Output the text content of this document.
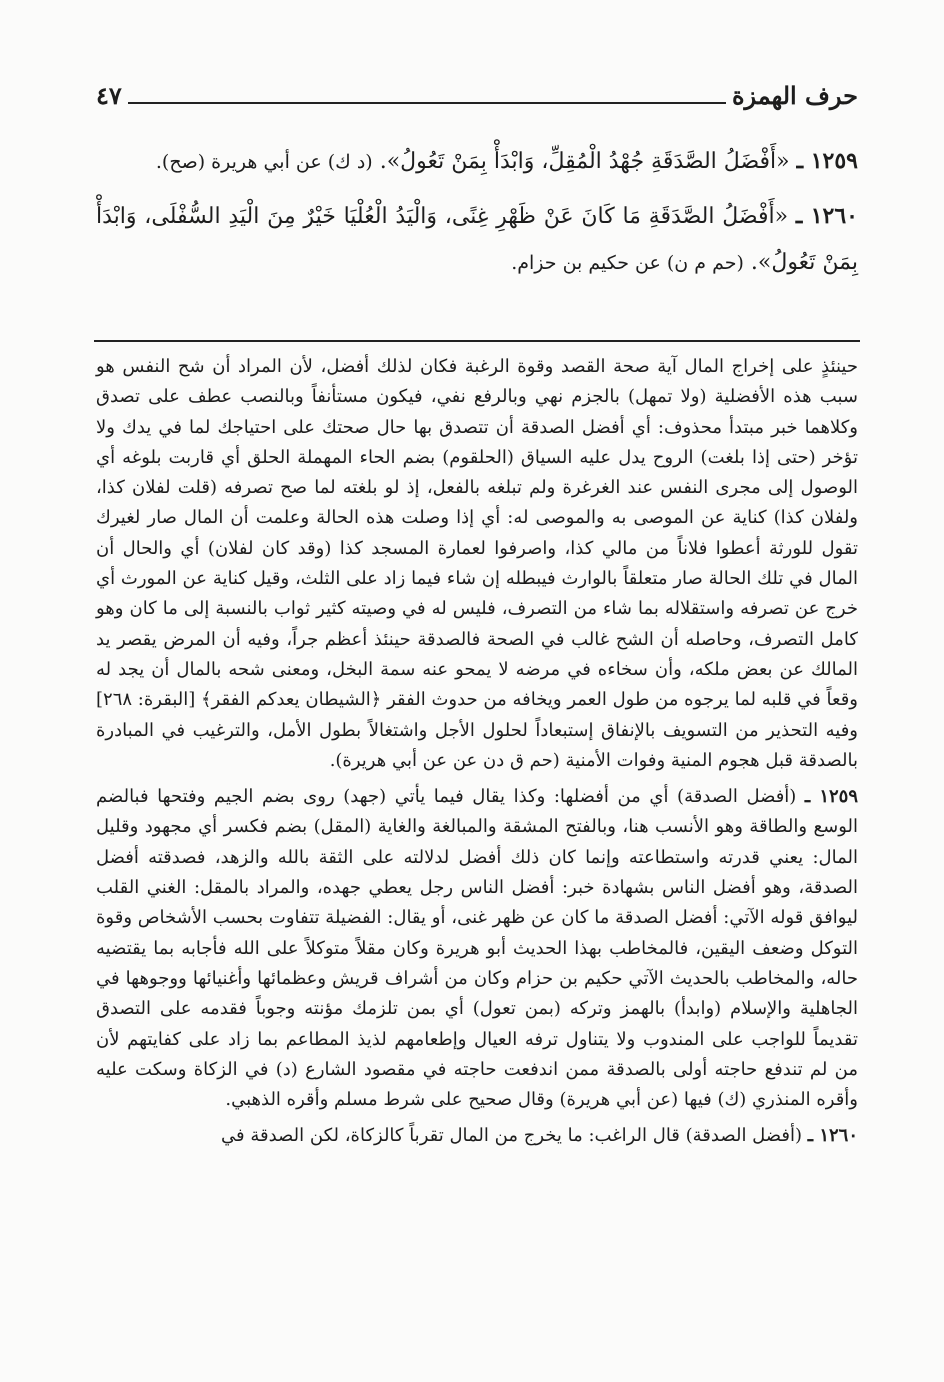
حرف الهمزة
٤٧

١٢٥٩ ـ «أَفْضَلُ الصَّدَقَةِ جُهْدُ الْمُقِلِّ، وَابْدَأْ بِمَنْ تَعُولُ». (د ك) عن أبي هريرة (صح).

١٢٦٠ ـ «أَفْضَلُ الصَّدَقَةِ مَا كَانَ عَنْ ظَهْرِ غِنًى، وَالْيَدُ الْعُلْيَا خَيْرٌ مِنَ الْيَدِ السُّفْلَى، وَابْدَأْ بِمَنْ تَعُولُ». (حم م ن) عن حكيم بن حزام.

حينئذٍ على إخراج المال آية صحة القصد وقوة الرغبة فكان لذلك أفضل، لأن المراد أن شح النفس هو سبب هذه الأفضلية (ولا تمهل) بالجزم نهي وبالرفع نفي، فيكون مستأنفاً وبالنصب عطف على تصدق وكلاهما خبر مبتدأ محذوف: أي أفضل الصدقة أن تتصدق بها حال صحتك على احتياجك لما في يدك ولا تؤخر (حتى إذا بلغت) الروح يدل عليه السياق (الحلقوم) بضم الحاء المهملة الحلق أي قاربت بلوغه أي الوصول إلى مجرى النفس عند الغرغرة ولم تبلغه بالفعل، إذ لو بلغته لما صح تصرفه (قلت لفلان كذا، ولفلان كذا) كناية عن الموصى به والموصى له: أي إذا وصلت هذه الحالة وعلمت أن المال صار لغيرك تقول للورثة أعطوا فلاناً من مالي كذا، واصرفوا لعمارة المسجد كذا (وقد كان لفلان) أي والحال أن المال في تلك الحالة صار متعلقاً بالوارث فيبطله إن شاء فيما زاد على الثلث، وقيل كناية عن المورث أي خرج عن تصرفه واستقلاله بما شاء من التصرف، فليس له في وصيته كثير ثواب بالنسبة إلى ما كان وهو كامل التصرف، وحاصله أن الشح غالب في الصحة فالصدقة حينئذ أعظم جراً، وفيه أن المرض يقصر يد المالك عن بعض ملكه، وأن سخاءه في مرضه لا يمحو عنه سمة البخل، ومعنى شحه بالمال أن يجد له وقعاً في قلبه لما يرجوه من طول العمر ويخافه من حدوث الفقر ﴿الشيطان يعدكم الفقر﴾ [البقرة: ٢٦٨] وفيه التحذير من التسويف بالإنفاق إستبعاداً لحلول الأجل واشتغالاً بطول الأمل، والترغيب في المبادرة بالصدقة قبل هجوم المنية وفوات الأمنية (حم ق دن عن عن أبي هريرة).

١٢٥٩ ـ (أفضل الصدقة) أي من أفضلها: وكذا يقال فيما يأتي (جهد) روى بضم الجيم وفتحها فبالضم الوسع والطاقة وهو الأنسب هنا، وبالفتح المشقة والمبالغة والغاية (المقل) بضم فكسر أي مجهود وقليل المال: يعني قدرته واستطاعته وإنما كان ذلك أفضل لدلالته على الثقة بالله والزهد، فصدقته أفضل الصدقة، وهو أفضل الناس بشهادة خبر: أفضل الناس رجل يعطي جهده، والمراد بالمقل: الغني القلب ليوافق قوله الآتي: أفضل الصدقة ما كان عن ظهر غنى، أو يقال: الفضيلة تتفاوت بحسب الأشخاص وقوة التوكل وضعف اليقين، فالمخاطب بهذا الحديث أبو هريرة وكان مقلاً متوكلاً على الله فأجابه بما يقتضيه حاله، والمخاطب بالحديث الآتي حكيم بن حزام وكان من أشراف قريش وعظمائها وأغنيائها ووجوهها في الجاهلية والإسلام (وابدأ) بالهمز وتركه (بمن تعول) أي بمن تلزمك مؤنته وجوباً فقدمه على التصدق تقديماً للواجب على المندوب ولا يتناول ترفه العيال وإطعامهم لذيذ المطاعم بما زاد على كفايتهم لأن من لم تندفع حاجته أولى بالصدقة ممن اندفعت حاجته في مقصود الشارع (د) في الزكاة وسكت عليه وأقره المنذري (ك) فيها (عن أبي هريرة) وقال صحيح على شرط مسلم وأقره الذهبي.

١٢٦٠ ـ (أفضل الصدقة) قال الراغب: ما يخرج من المال تقرباً كالزكاة، لكن الصدقة في
